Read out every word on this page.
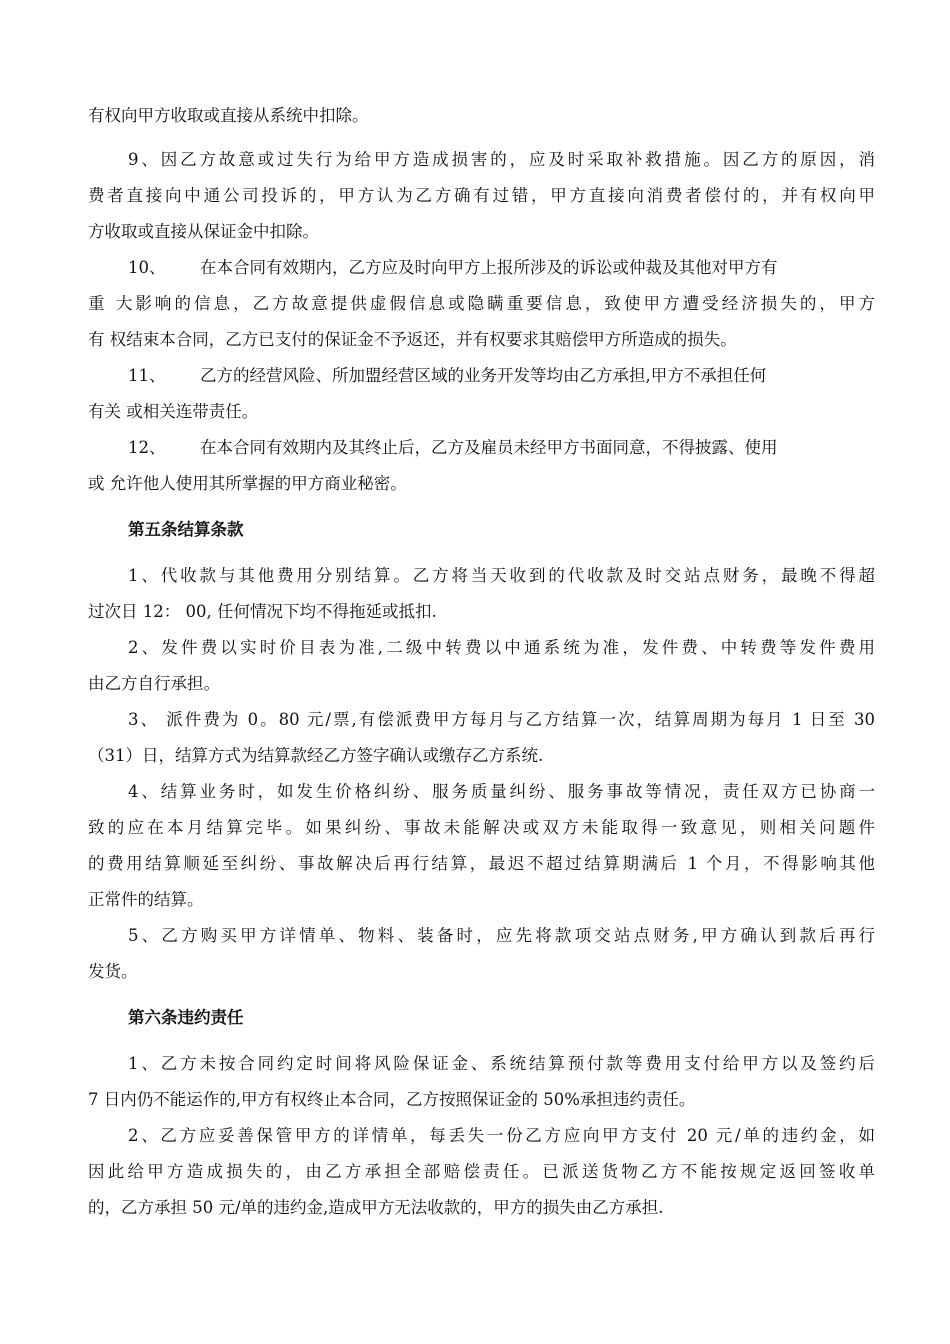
有权向甲方收取或直接从系统中扣除。
9、因乙方故意或过失行为给甲方造成损害的，应及时采取补救措施。因乙方的原因，消
费者直接向中通公司投诉的，甲方认为乙方确有过错，甲方直接向消费者偿付的，并有权向甲
方收取或直接从保证金中扣除。
10、 在本合同有效期内，乙方应及时向甲方上报所涉及的诉讼或仲裁及其他对甲方有
重 大影响的信息，乙方故意提供虚假信息或隐瞒重要信息，致使甲方遭受经济损失的，甲方
有 权结束本合同，乙方已支付的保证金不予返还，并有权要求其赔偿甲方所造成的损失。
11、 乙方的经营风险、所加盟经营区域的业务开发等均由乙方承担,甲方不承担任何
有关 或相关连带责任。
12、 在本合同有效期内及其终止后，乙方及雇员未经甲方书面同意，不得披露、使用
或 允许他人使用其所掌握的甲方商业秘密。
第五条结算条款
1、代收款与其他费用分别结算。乙方将当天收到的代收款及时交站点财务，最晚不得超
过次日 12： 00, 任何情况下均不得拖延或抵扣.
2、发件费以实时价目表为准,二级中转费以中通系统为准，发件费、中转费等发件费用
由乙方自行承担。
3、 派件费为 0。80 元/票,有偿派费甲方每月与乙方结算一次，结算周期为每月 1 日至 30
（31）日，结算方式为结算款经乙方签字确认或缴存乙方系统.
4、结算业务时，如发生价格纠纷、服务质量纠纷、服务事故等情况，责任双方已协商一
致的应在本月结算完毕。如果纠纷、事故未能解决或双方未能取得一致意见，则相关问题件
的费用结算顺延至纠纷、事故解决后再行结算，最迟不超过结算期满后 1 个月，不得影响其他
正常件的结算。
5、乙方购买甲方详情单、物料、装备时，应先将款项交站点财务,甲方确认到款后再行
发货。
第六条违约责任
1、乙方未按合同约定时间将风险保证金、系统结算预付款等费用支付给甲方以及签约后
7 日内仍不能运作的,甲方有权终止本合同，乙方按照保证金的 50%承担违约责任。
2、乙方应妥善保管甲方的详情单，每丢失一份乙方应向甲方支付 20 元/单的违约金，如
因此给甲方造成损失的，由乙方承担全部赔偿责任。已派送货物乙方不能按规定返回签收单
的，乙方承担 50 元/单的违约金,造成甲方无法收款的，甲方的损失由乙方承担.
